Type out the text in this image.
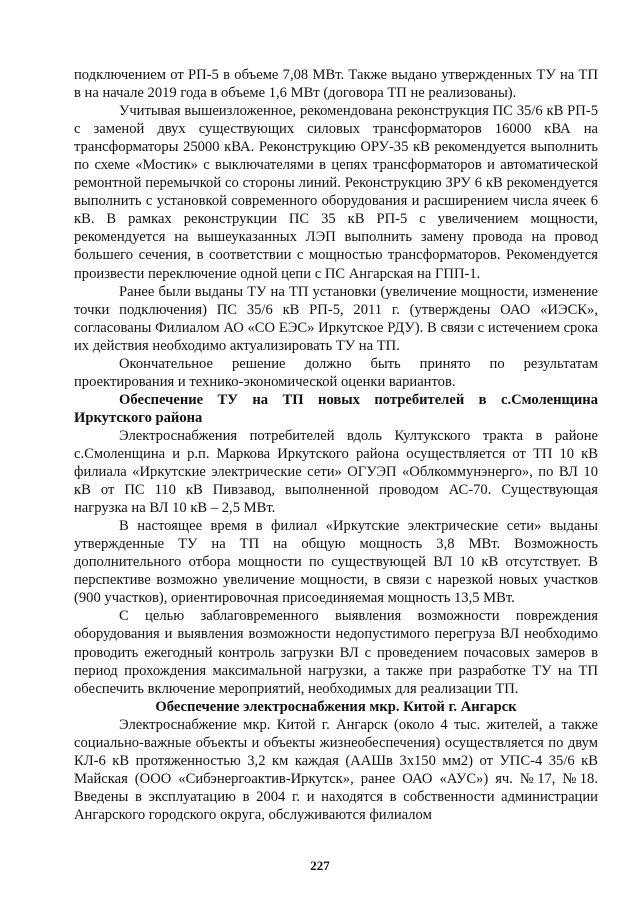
подключением от РП-5 в объеме 7,08 МВт. Также выдано утвержденных ТУ на ТП в на начале 2019 года в объеме 1,6 МВт (договора ТП не реализованы).

Учитывая вышеизложенное, рекомендована реконструкция ПС 35/6 кВ РП-5 с заменой двух существующих силовых трансформаторов 16000 кВА на трансформаторы 25000 кВА. Реконструкцию ОРУ-35 кВ рекомендуется выполнить по схеме «Мостик» с выключателями в цепях трансформаторов и автоматической ремонтной перемычкой со стороны линий. Реконструкцию ЗРУ 6 кВ рекомендуется выполнить с установкой современного оборудования и расширением числа ячеек 6 кВ. В рамках реконструкции ПС 35 кВ РП-5 с увеличением мощности, рекомендуется на вышеуказанных ЛЭП выполнить замену провода на провод большего сечения, в соответствии с мощностью трансформаторов. Рекомендуется произвести переключение одной цепи с ПС Ангарская на ГПП-1.

Ранее были выданы ТУ на ТП установки (увеличение мощности, изменение точки подключения) ПС 35/6 кВ РП-5, 2011 г. (утверждены ОАО «ИЭСК», согласованы Филиалом АО «СО ЕЭС» Иркутское РДУ). В связи с истечением срока их действия необходимо актуализировать ТУ на ТП.

Окончательное решение должно быть принято по результатам проектирования и технико-экономической оценки вариантов.

Обеспечение ТУ на ТП новых потребителей в с.Смоленщина Иркутского района

Электроснабжения потребителей вдоль Култукского тракта в районе с.Смоленщина и р.п. Маркова Иркутского района осуществляется от ТП 10 кВ филиала «Иркутские электрические сети» ОГУЭП «Облкоммунэнерго», по ВЛ 10 кВ от ПС 110 кВ Пивзавод, выполненной проводом АС-70. Существующая нагрузка на ВЛ 10 кВ – 2,5 МВт.

В настоящее время в филиал «Иркутские электрические сети» выданы утвержденные ТУ на ТП на общую мощность 3,8 МВт. Возможность дополнительного отбора мощности по существующей ВЛ 10 кВ отсутствует. В перспективе возможно увеличение мощности, в связи с нарезкой новых участков (900 участков), ориентировочная присоединяемая мощность 13,5 МВт.

С целью заблаговременного выявления возможности повреждения оборудования и выявления возможности недопустимого перегруза ВЛ необходимо проводить ежегодный контроль загрузки ВЛ с проведением почасовых замеров в период прохождения максимальной нагрузки, а также при разработке ТУ на ТП обеспечить включение мероприятий, необходимых для реализации ТП.

Обеспечение электроснабжения мкр. Китой г. Ангарск

Электроснабжение мкр. Китой г. Ангарск (около 4 тыс. жителей, а также социально-важные объекты и объекты жизнеобеспечения) осуществляется по двум КЛ-6 кВ протяженностью 3,2 км каждая (ААШв 3х150 мм2) от УПС-4 35/6 кВ Майская (ООО «Сибэнергоактив-Иркутск», ранее ОАО «АУС») яч. №17, №18. Введены в эксплуатацию в 2004 г. и находятся в собственности администрации Ангарского городского округа, обслуживаются филиалом

227
